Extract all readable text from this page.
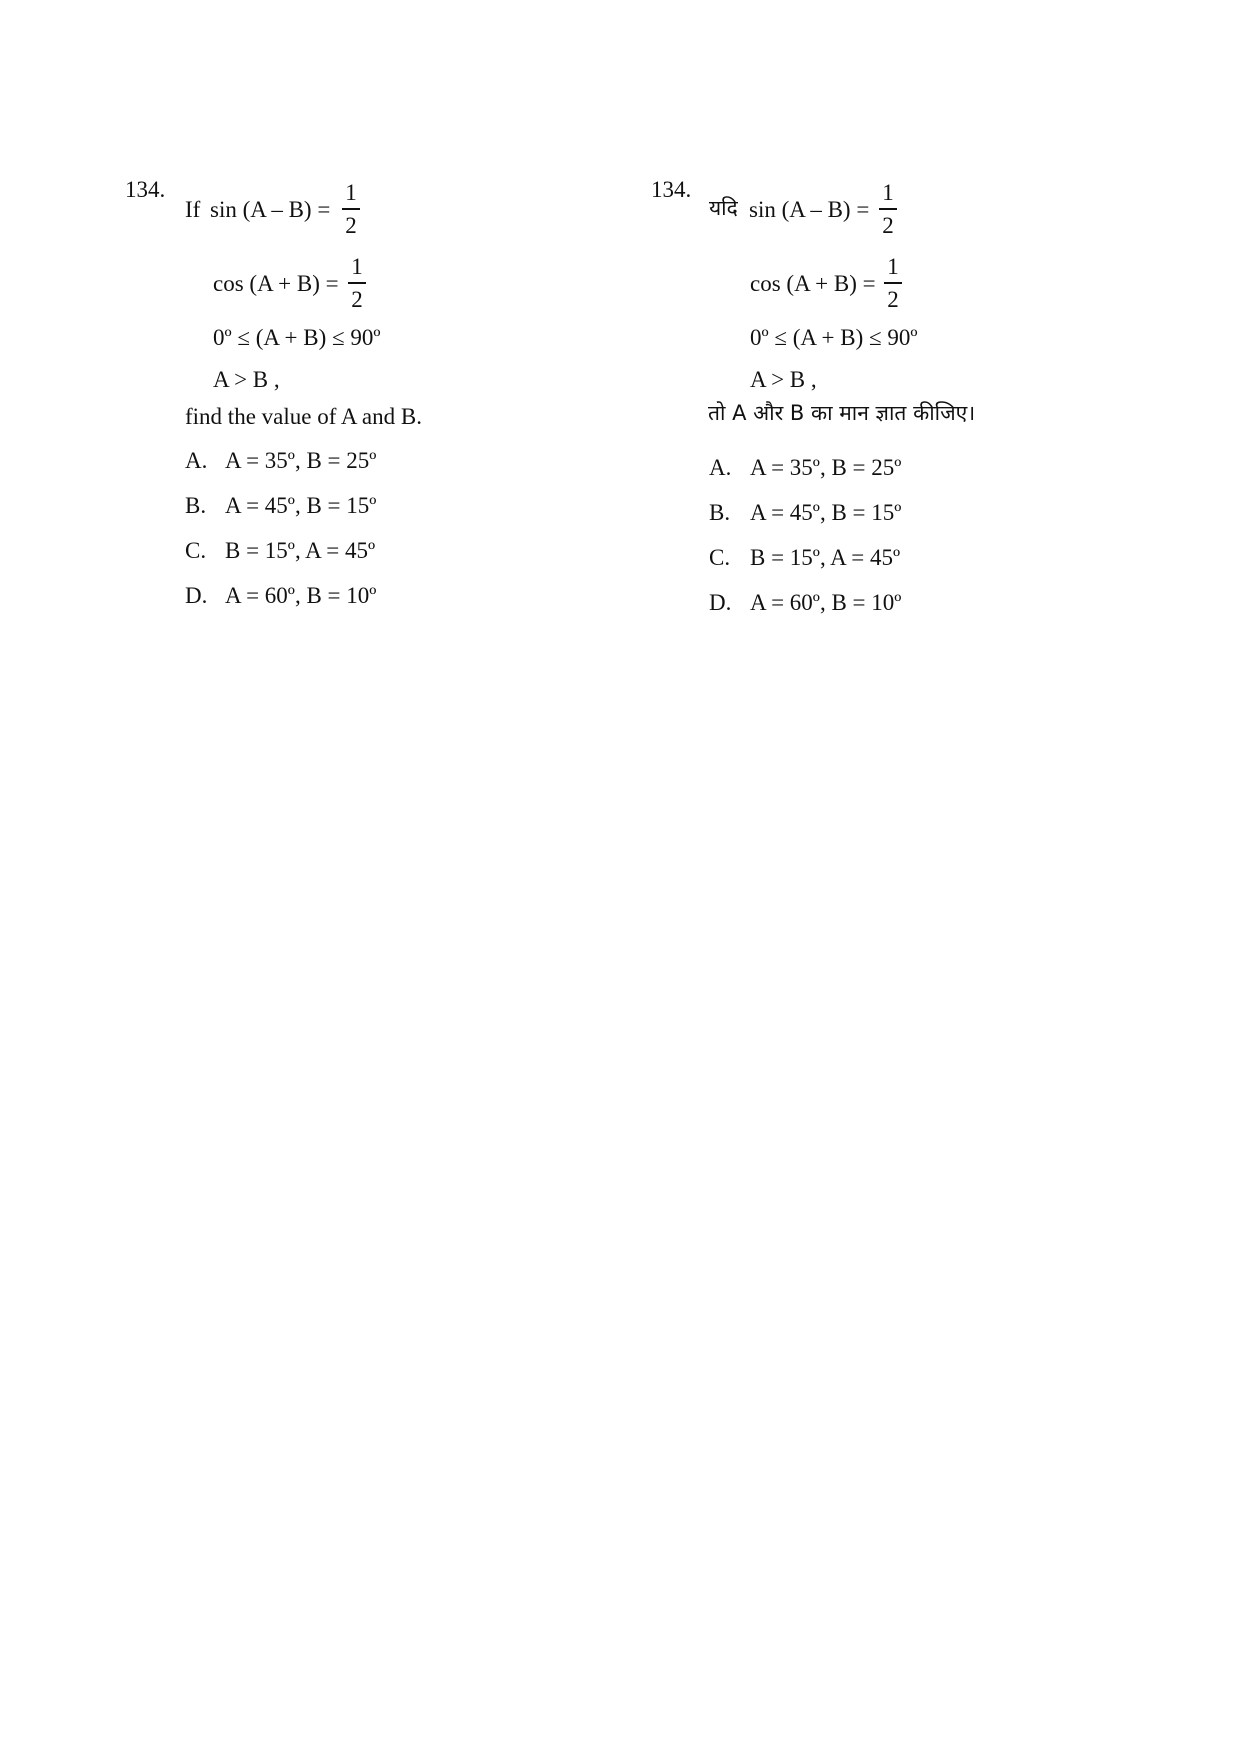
134.
If sin (A – B) =
1
2
cos (A + B) =
1
2
0º ≤ (A + B) ≤ 90º
A > B ,
find the value of A and B.
A. A = 35º, B = 25º
B. A = 45º, B = 15º
C. B = 15º, A = 45º
D. A = 60º, B = 10º
134.
यदि sin (A – B) =
1
2
cos (A + B) =
1
2
0º ≤ (A + B) ≤ 90º
A > B ,
तो A और B का मान ज्ञात कीजिए।
A. A = 35º, B = 25º
B. A = 45º, B = 15º
C. B = 15º, A = 45º
D. A = 60º, B = 10º
